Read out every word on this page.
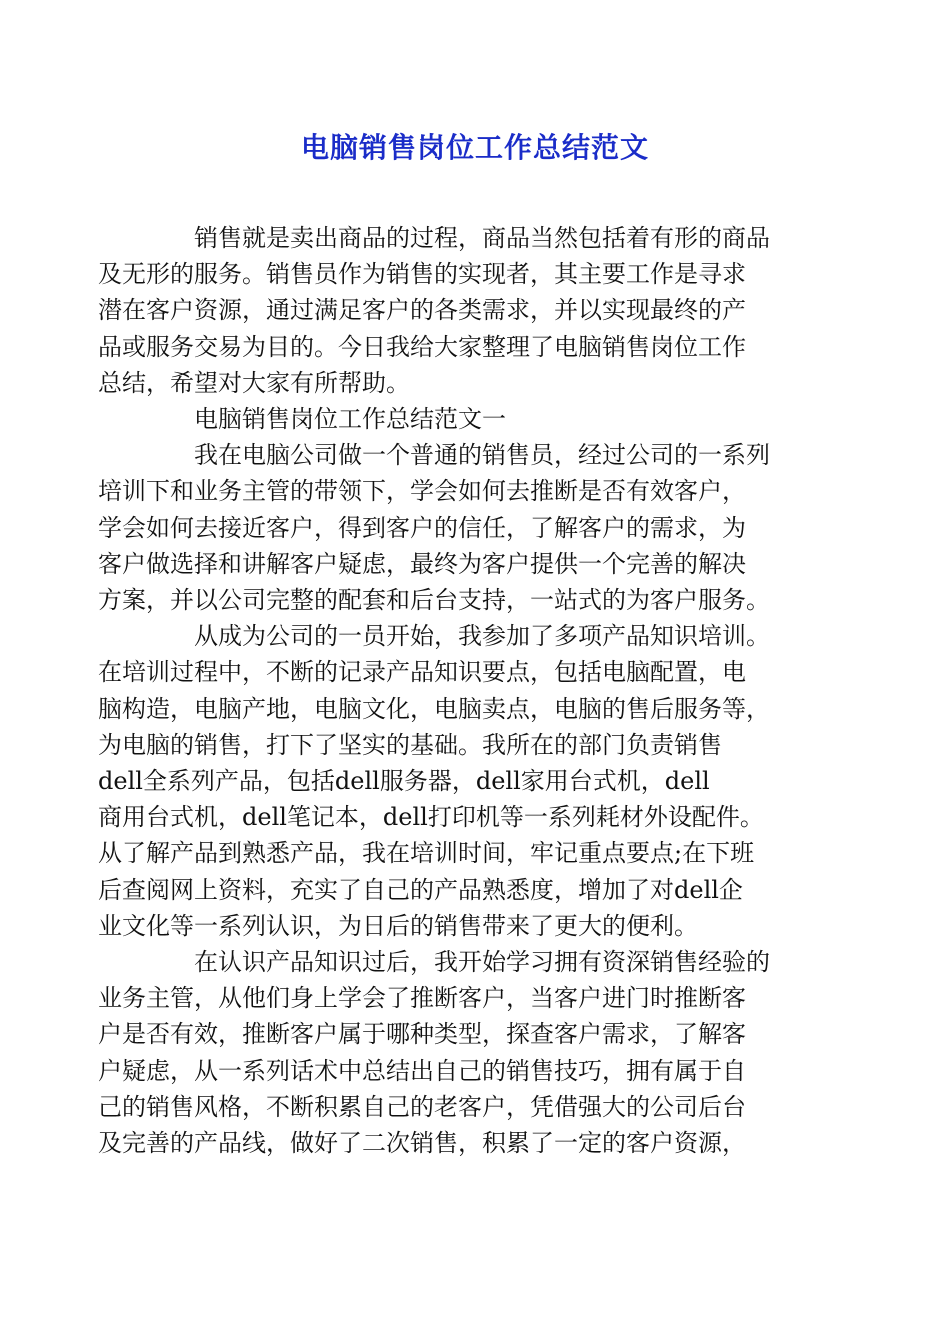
电脑销售岗位工作总结范文

销售就是卖出商品的过程，商品当然包括着有形的商品
及无形的服务。销售员作为销售的实现者，其主要工作是寻求
潜在客户资源，通过满足客户的各类需求，并以实现最终的产
品或服务交易为目的。今日我给大家整理了电脑销售岗位工作
总结，希望对大家有所帮助。

电脑销售岗位工作总结范文一

我在电脑公司做一个普通的销售员，经过公司的一系列
培训下和业务主管的带领下，学会如何去推断是否有效客户，
学会如何去接近客户，得到客户的信任，了解客户的需求，为
客户做选择和讲解客户疑虑，最终为客户提供一个完善的解决
方案，并以公司完整的配套和后台支持，一站式的为客户服务。

从成为公司的一员开始，我参加了多项产品知识培训。
在培训过程中，不断的记录产品知识要点，包括电脑配置，电
脑构造，电脑产地，电脑文化，电脑卖点，电脑的售后服务等，
为电脑的销售，打下了坚实的基础。我所在的部门负责销售
dell全系列产品，包括dell服务器，dell家用台式机，dell
商用台式机，dell笔记本，dell打印机等一系列耗材外设配件。
从了解产品到熟悉产品，我在培训时间，牢记重点要点;在下班
后查阅网上资料，充实了自己的产品熟悉度，增加了对dell企
业文化等一系列认识，为日后的销售带来了更大的便利。

在认识产品知识过后，我开始学习拥有资深销售经验的
业务主管，从他们身上学会了推断客户，当客户进门时推断客
户是否有效，推断客户属于哪种类型，探查客户需求，了解客
户疑虑，从一系列话术中总结出自己的销售技巧，拥有属于自
己的销售风格，不断积累自己的老客户，凭借强大的公司后台
及完善的产品线，做好了二次销售，积累了一定的客户资源，
